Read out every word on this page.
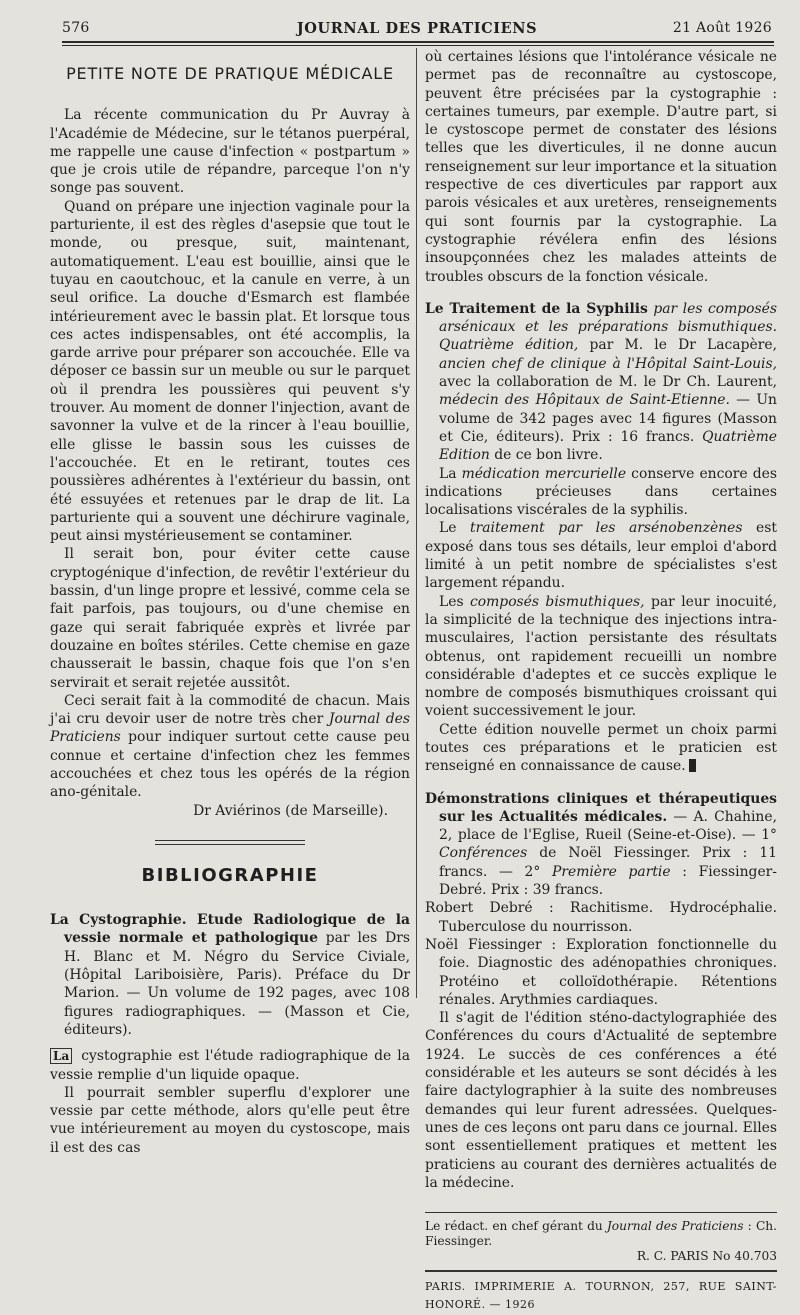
576	JOURNAL DES PRATICIENS	21 Août 1926
PETITE NOTE DE PRATIQUE MÉDICALE

La récente communication du Pr Auvray à l'Académie de Médecine, sur le tétanos puerpéral, me rappelle une cause d'infection « postpartum » que je crois utile de répandre, parceque l'on n'y songe pas souvent.

Quand on prépare une injection vaginale pour la parturiente, il est des règles d'asepsie que tout le monde, ou presque, suit, maintenant, automatiquement. L'eau est bouillie, ainsi que le tuyau en caoutchouc, et la canule en verre, à un seul orifice. La douche d'Esmarch est flambée intérieurement avec le bassin plat. Et lorsque tous ces actes indispensables, ont été accomplis, la garde arrive pour préparer son accouchée. Elle va déposer ce bassin sur un meuble ou sur le parquet où il prendra les poussières qui peuvent s'y trouver. Au moment de donner l'injection, avant de savonner la vulve et de la rincer à l'eau bouillie, elle glisse le bassin sous les cuisses de l'accouchée. Et en le retirant, toutes ces poussières adhérentes à l'extérieur du bassin, ont été essuyées et retenues par le drap de lit. La parturiente qui a souvent une déchirure vaginale, peut ainsi mystérieusement se contaminer.

Il serait bon, pour éviter cette cause cryptogénique d'infection, de revêtir l'extérieur du bassin, d'un linge propre et lessivé, comme cela se fait parfois, pas toujours, ou d'une chemise en gaze qui serait fabriquée exprès et livrée par douzaine en boîtes stériles. Cette chemise en gaze chausserait le bassin, chaque fois que l'on s'en servirait et serait rejetée aussitôt.

Ceci serait fait à la commodité de chacun. Mais j'ai cru devoir user de notre très cher Journal des Praticiens pour indiquer surtout cette cause peu connue et certaine d'infection chez les femmes accouchées et chez tous les opérés de la région ano-génitale.

Dr Aviérinos (de Marseille).

BIBLIOGRAPHIE

La Cystographie. Etude Radiologique de la vessie normale et pathologique par les Drs H. Blanc et M. Négro du Service Civiale, (Hôpital Lariboisière, Paris). Préface du Dr Marion. — Un volume de 192 pages, avec 108 figures radiographiques. — (Masson et Cie, éditeurs).

La cystographie est l'étude radiographique de la vessie remplie d'un liquide opaque.

Il pourrait sembler superflu d'explorer une vessie par cette méthode, alors qu'elle peut être vue intérieurement au moyen du cystoscope, mais il est des cas

où certaines lésions que l'intolérance vésicale ne permet pas de reconnaître au cystoscope, peuvent être précisées par la cystographie : certaines tumeurs, par exemple. D'autre part, si le cystoscope permet de constater des lésions telles que les diverticules, il ne donne aucun renseignement sur leur importance et la situation respective de ces diverticules par rapport aux parois vésicales et aux uretères, renseignements qui sont fournis par la cystographie. La cystographie révélera enfin des lésions insoupçonnées chez les malades atteints de troubles obscurs de la fonction vésicale.

Le Traitement de la Syphilis par les composés arsénicaux et les préparations bismuthiques. Quatrième édition, par M. le Dr Lacapère, ancien chef de clinique à l'Hôpital Saint-Louis, avec la collaboration de M. le Dr Ch. Laurent, médecin des Hôpitaux de Saint-Etienne. — Un volume de 342 pages avec 14 figures (Masson et Cie, éditeurs). Prix : 16 francs. Quatrième Edition de ce bon livre.

La médication mercurielle conserve encore des indications précieuses dans certaines localisations viscérales de la syphilis.

Le traitement par les arsénobenzènes est exposé dans tous ses détails, leur emploi d'abord limité à un petit nombre de spécialistes s'est largement répandu.

Les composés bismuthiques, par leur inocuité, la simplicité de la technique des injections intra-musculaires, l'action persistante des résultats obtenus, ont rapidement recueilli un nombre considérable d'adeptes et ce succès explique le nombre de composés bismuthiques croissant qui voient successivement le jour.

Cette édition nouvelle permet un choix parmi toutes ces préparations et le praticien est renseigné en connaissance de cause.

Démonstrations cliniques et thérapeutiques sur les Actualités médicales. — A. Chahine, 2, place de l'Eglise, Rueil (Seine-et-Oise). — 1° Conférences de Noël Fiessinger. Prix : 11 francs. — 2° Première partie : Fiessinger-Debré. Prix : 39 francs.

Robert Debré : Rachitisme. Hydrocéphalie. Tuberculose du nourrisson.

Noël Fiessinger : Exploration fonctionnelle du foie. Diagnostic des adénopathies chroniques. Protéino et colloïdothérapie. Rétentions rénales. Arythmies cardiaques.

Il s'agit de l'édition sténo-dactylographiée des Conférences du cours d'Actualité de septembre 1924. Le succès de ces conférences a été considérable et les auteurs se sont décidés à les faire dactylographier à la suite des nombreuses demandes qui leur furent adressées. Quelques-unes de ces leçons ont paru dans ce journal. Elles sont essentiellement pratiques et mettent les praticiens au courant des dernières actualités de la médecine.

Le rédact. en chef gérant du Journal des Praticiens : Ch. Fiessinger.
R. C. PARIS No 40.703
PARIS. IMPRIMERIE A. TOURNON, 257, RUE SAINT-HONORÉ. — 1926
